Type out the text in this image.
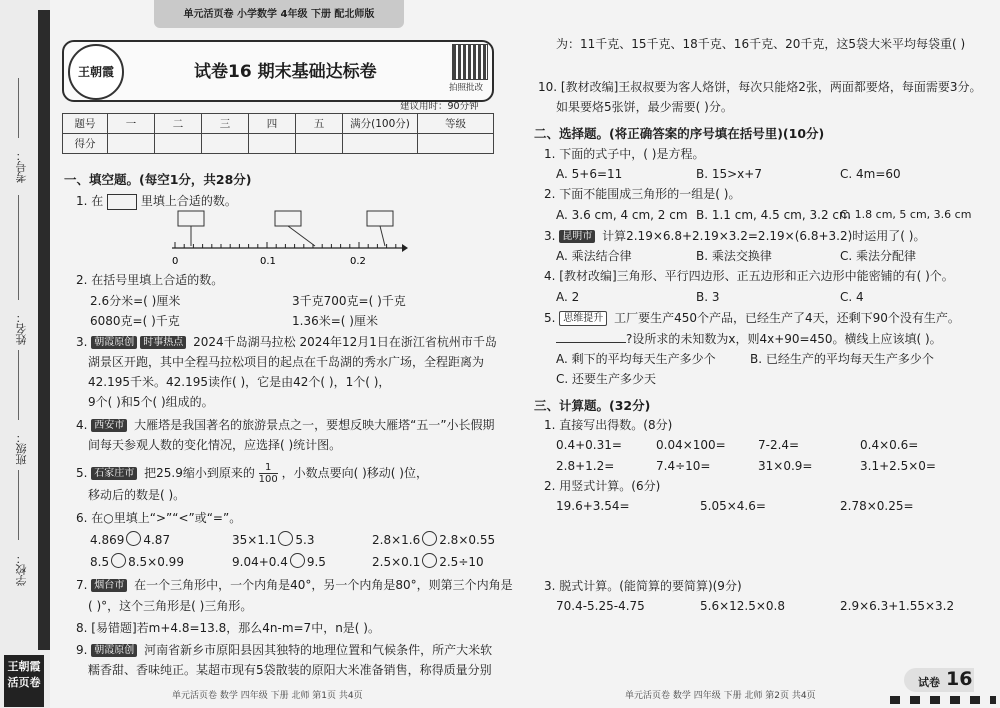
考号：
姓名：
班级：
学校：
王朝霞
活页卷
单元活页卷 小学数学 4年级 下册 配北师版
王朝霞	试卷16 期末基础达标卷
拍照批改
建议用时：90分钟
题号	一	二	三	四	五	满分(100分)	等级
得分							
一、填空题。(每空1分，共28分)
1. 在	里填上合适的数。
0	0.1	0.2
2. 在括号里填上合适的数。
2.6分米=( )厘米	3千克700克=( )千克
6080克=( )千克	1.36米=( )厘米
3. 朝霞原创 时事热点 2024千岛湖马拉松 2024年12月1日在浙江省杭州市千岛
湖景区开跑，其中全程马拉松项目的起点在千岛湖的秀水广场，全程距离为
42.195千米。42.195读作( )，它是由42个( )，1个( )，
9个( )和5个( )组成的。
4. 西安市 大雁塔是我国著名的旅游景点之一，要想反映大雁塔“五一”小长假期
间每天参观人数的变化情况，应选择( )统计图。
5. 石家庄市 把25.9缩小到原来的 $\frac{1}{100}$ ，小数点要向( )移动( )位，
移动后的数是( )。
6. 在○里填上“>”“<”或“=”。
4.869 4.87	35×1.1 5.3	2.8×1.6 2.8×0.55
8.5 8.5×0.99	9.04+0.4 9.5	2.5×0.1 2.5÷10
7. 烟台市 在一个三角形中，一个内角是40°，另一个内角是80°，则第三个内角是
( )°，这个三角形是( )三角形。
8. [易错题]若m+4.8=13.8，那么4n-m=7中，n是( )。
9. 朝霞原创 河南省新乡市原阳县因其独特的地理位置和气候条件，所产大米软
糯香甜、香味纯正。某超市现有5袋散装的原阳大米准备销售，称得质量分别
单元活页卷 数学 四年级 下册 北师 第1页 共4页
为：11千克、15千克、18千克、16千克、20千克，这5袋大米平均每袋重( )
10. [教材改编]王叔叔要为客人烙饼，每次只能烙2张，两面都要烙，每面需要3分。
如果要烙5张饼，最少需要( )分。
二、选择题。(将正确答案的序号填在括号里)(10分)
1. 下面的式子中，( )是方程。
A. 5+6=11	B. 15>x+7	C. 4m=60
2. 下面不能围成三角形的一组是( )。
A. 3.6 cm, 4 cm, 2 cm B. 1.1 cm, 4.5 cm, 3.2 cm
C. 1.8 cm, 5 cm, 3.6 cm
3. 昆明市 计算2.19×6.8+2.19×3.2=2.19×(6.8+3.2)时运用了( )。
A. 乘法结合律	B. 乘法交换律	C. 乘法分配律
4. [教材改编]三角形、平行四边形、正五边形和正六边形中能密铺的有( )个。
A. 2	B. 3	C. 4
5. 思维提升 工厂要生产450个产品，已经生产了4天，还剩下90个没有生产。
?设所求的未知数为x，则4x+90=450。横线上应该填( )。
A. 剩下的平均每天生产多少个	B. 已经生产的平均每天生产多少个
C. 还要生产多少天
三、计算题。(32分)
1. 直接写出得数。(8分)
0.4+0.31=	0.04×100=	7-2.4=	0.4×0.6=
2.8+1.2=	7.4÷10=	31×0.9=	3.1+2.5×0=
2. 用竖式计算。(6分)
19.6+3.54=	5.05×4.6=	2.78×0.25=
3. 脱式计算。(能简算的要简算)(9分)
70.4-5.25-4.75	5.6×12.5×0.8	2.9×6.3+1.55×3.2
单元活页卷 数学 四年级 下册 北师 第2页 共4页
试卷 16
